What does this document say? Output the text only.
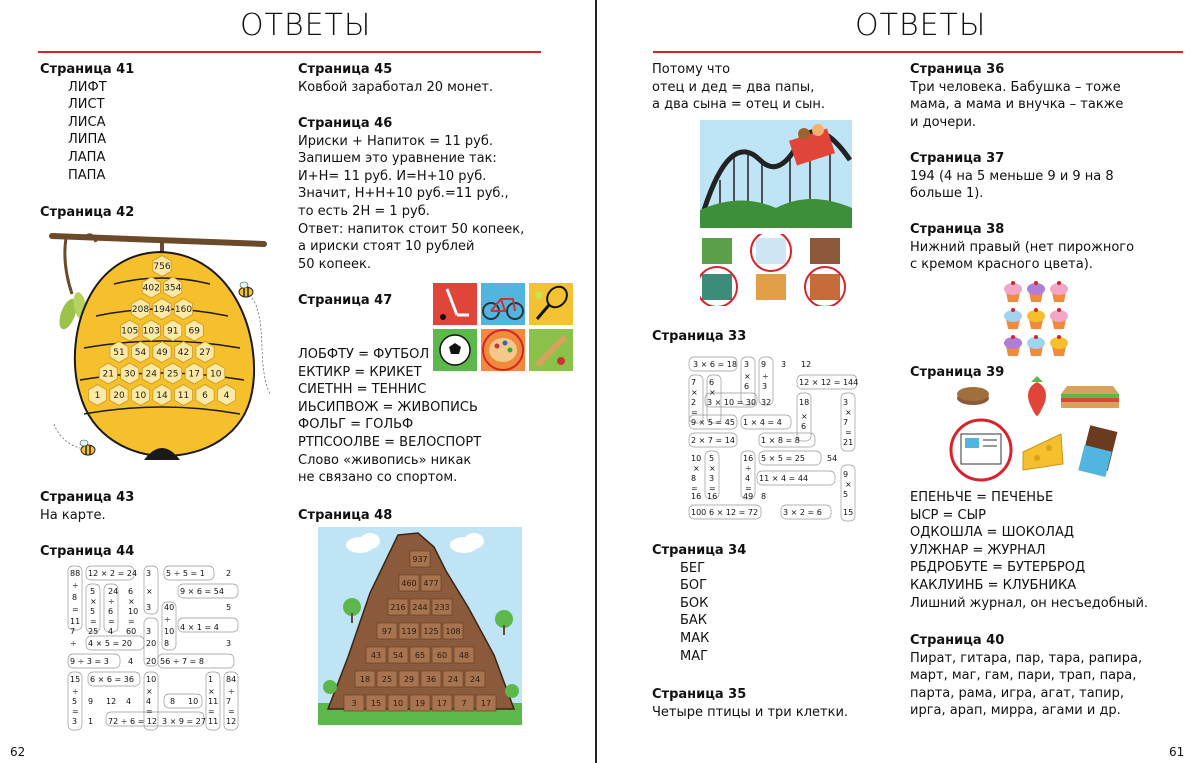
ОТВЕТЫ
Страница 41
ЛИФТ
ЛИСТ
ЛИСА
ЛИПА
ЛАПА
ПАПА
Страница 42
756
402 354
208 194 160
105 103 91 69
51 54 49 42 27
21 30 24 25 17 10
1 20 10 14 11 6 4
Страница 43
На карте.
Страница 44
88 12 × 2 = 24 3 5 ÷ 5 = 1	2
÷
5 24 6	9 × 6 = 54
8 × ÷ ×
×
= 5 6 10 3 40	5
11 = = =	÷
7 25 4 60 3 10 4 × 1 = 4
÷ 4 × 5 = 20 20 8	3
9 ÷ 3 = 3 4 20 56 ÷ 7 = 8
15 6 × 6 = 36 10	1 84
÷	×	× ÷
5 9 12 4 4 8 10 11 7
=	=	= =
3 1 72 ÷ 6 = 12 3 × 9 = 27 11 12
Страница 45
Ковбой заработал 20 монет.
Страница 46
Ириски + Напиток = 11 руб.
Запишем это уравнение так:
И+Н= 11 руб. И=Н+10 руб.
Значит, Н+Н+10 руб.=11 руб.,
то есть 2Н = 1 руб.
Ответ: напиток стоит 50 копеек,
а ириски стоят 10 рублей
50 копеек.
Страница 47
ЛОБФТУ = ФУТБОЛ
ЕКТИКР = КРИКЕТ
СИЕТНН = ТЕННИС
ИЬСИПВОЖ = ЖИВОПИСЬ
ФОЛЬГ = ГОЛЬФ
РТПСООЛВЕ = ВЕЛОСПОРТ
Слово «живопись» никак
не связано со спортом.
Страница 48
937
460 477
216 244 233
97 119 125 108
43 54 65 60 48
18 25 29 36 24 24
3 15 10 19 17 7 17
62
ОТВЕТЫ
Потому что
отец и дед = два папы,
а два сына = отец и сын.
Страница 33
3 × 6 = 18 3 9 3 12
7 6
× ÷
12 × 12 = 144
× ×
6 3
2 3 × 10 = 30 32	18	3
=	×
9 × 5 = 45 1 × 4 = 4
×
7
6
=
2 × 7 = 14	1 × 8 = 8	21
10 5	16 5 × 5 = 25	54
× ×	÷
8 3	4 11 × 4 = 44	9
= =	=	×
16 16	49 8	5
100 6 × 12 = 72	3 × 2 = 6	15
Страница 34
БЕГ
БОГ
БОК
БАК
МАК
МАГ
Страница 35
Четыре птицы и три клетки.
Страница 36
Три человека. Бабушка – тоже
мама, а мама и внучка – также
и дочери.
Страница 37
194 (4 на 5 меньше 9 и 9 на 8
больше 1).
Страница 38
Нижний правый (нет пирожного
с кремом красного цвета).
Страница 39
ЕПЕНЬЧЕ = ПЕЧЕНЬЕ
ЫСР = СЫР
ОДКОШЛА = ШОКОЛАД
УЛЖНАР = ЖУРНАЛ
РБДРОБУТЕ = БУТЕРБРОД
КАКЛУИНБ = КЛУБНИКА
Лишний журнал, он несъедобный.
Страница 40
Пират, гитара, пар, тара, рапира,
март, маг, гам, пари, трап, пара,
парта, рама, игра, агат, тапир,
ирга, арап, мирра, агами и др.
61
